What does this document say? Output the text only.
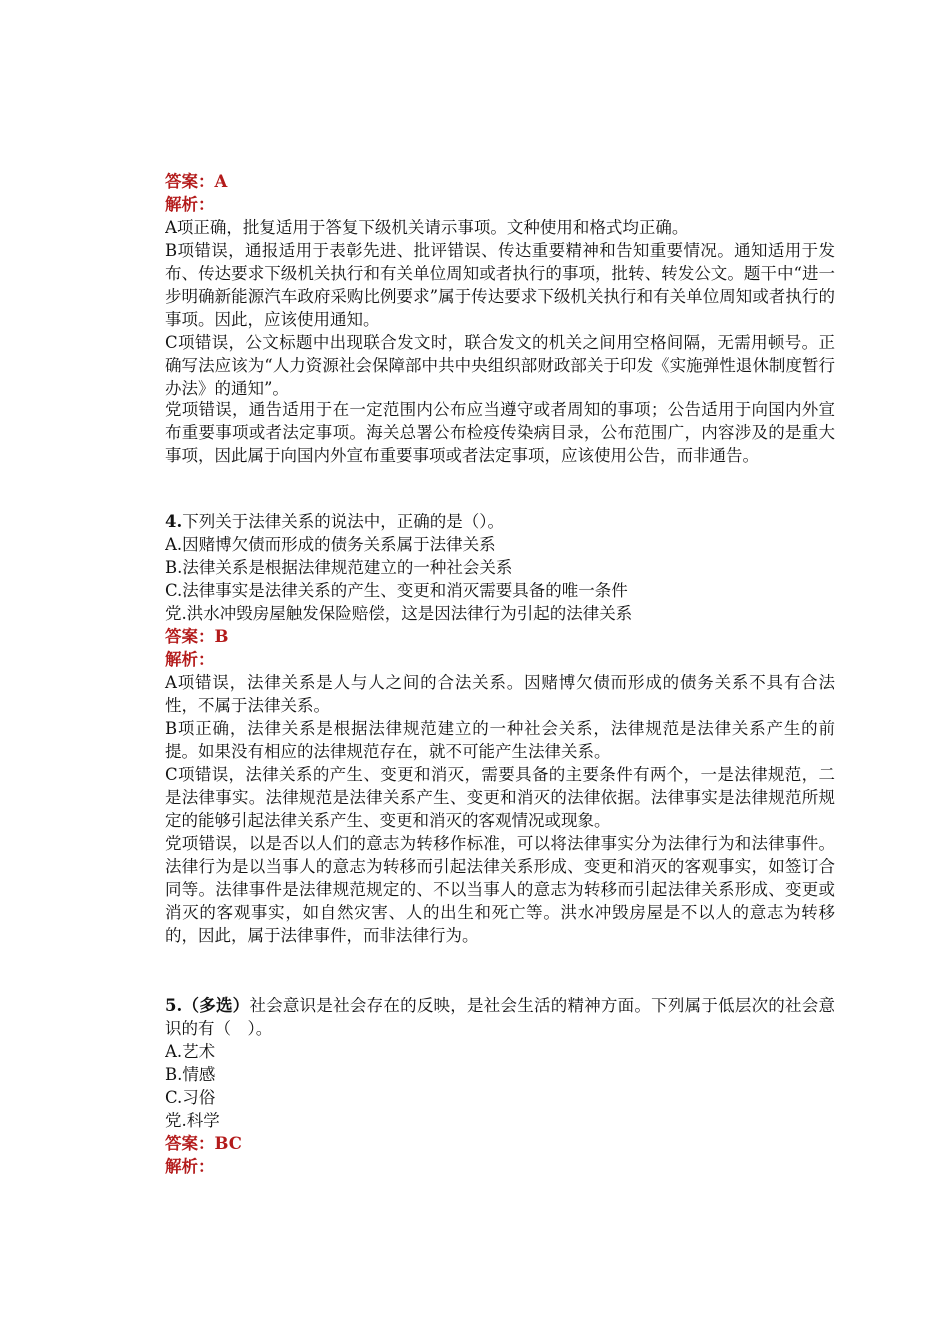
答案：A
解析：
A项正确，批复适用于答复下级机关请示事项。文种使用和格式均正确。

B项错误，通报适用于表彰先进、批评错误、传达重要精神和告知重要情况。通知适用于发布、传达要求下级机关执行和有关单位周知或者执行的事项，批转、转发公文。题干中“进一步明确新能源汽车政府采购比例要求”属于传达要求下级机关执行和有关单位周知或者执行的事项。因此，应该使用通知。

C项错误，公文标题中出现联合发文时，联合发文的机关之间用空格间隔，无需用顿号。正确写法应该为“人力资源社会保障部中共中央组织部财政部关于印发《实施弹性退休制度暂行办法》的通知”。

党项错误，通告适用于在一定范围内公布应当遵守或者周知的事项；公告适用于向国内外宣布重要事项或者法定事项。海关总署公布检疫传染病目录，公布范围广，内容涉及的是重大事项，因此属于向国内外宣布重要事项或者法定事项，应该使用公告，而非通告。

4.下列关于法律关系的说法中，正确的是（）。
A.因赌博欠债而形成的债务关系属于法律关系
B.法律关系是根据法律规范建立的一种社会关系
C.法律事实是法律关系的产生、变更和消灭需要具备的唯一条件
党.洪水冲毁房屋触发保险赔偿，这是因法律行为引起的法律关系
答案：B
解析：

A项错误，法律关系是人与人之间的合法关系。因赌博欠债而形成的债务关系不具有合法性，不属于法律关系。

B项正确，法律关系是根据法律规范建立的一种社会关系，法律规范是法律关系产生的前提。如果没有相应的法律规范存在，就不可能产生法律关系。

C项错误，法律关系的产生、变更和消灭，需要具备的主要条件有两个，一是法律规范，二是法律事实。法律规范是法律关系产生、变更和消灭的法律依据。法律事实是法律规范所规定的能够引起法律关系产生、变更和消灭的客观情况或现象。

党项错误，以是否以人们的意志为转移作标准，可以将法律事实分为法律行为和法律事件。法律行为是以当事人的意志为转移而引起法律关系形成、变更和消灭的客观事实，如签订合同等。法律事件是法律规范规定的、不以当事人的意志为转移而引起法律关系形成、变更或消灭的客观事实，如自然灾害、人的出生和死亡等。洪水冲毁房屋是不以人的意志为转移的，因此，属于法律事件，而非法律行为。

5.（多选）社会意识是社会存在的反映，是社会生活的精神方面。下列属于低层次的社会意识的有（　）。

A.艺术
B.情感
C.习俗
党.科学
答案：BC
解析：
